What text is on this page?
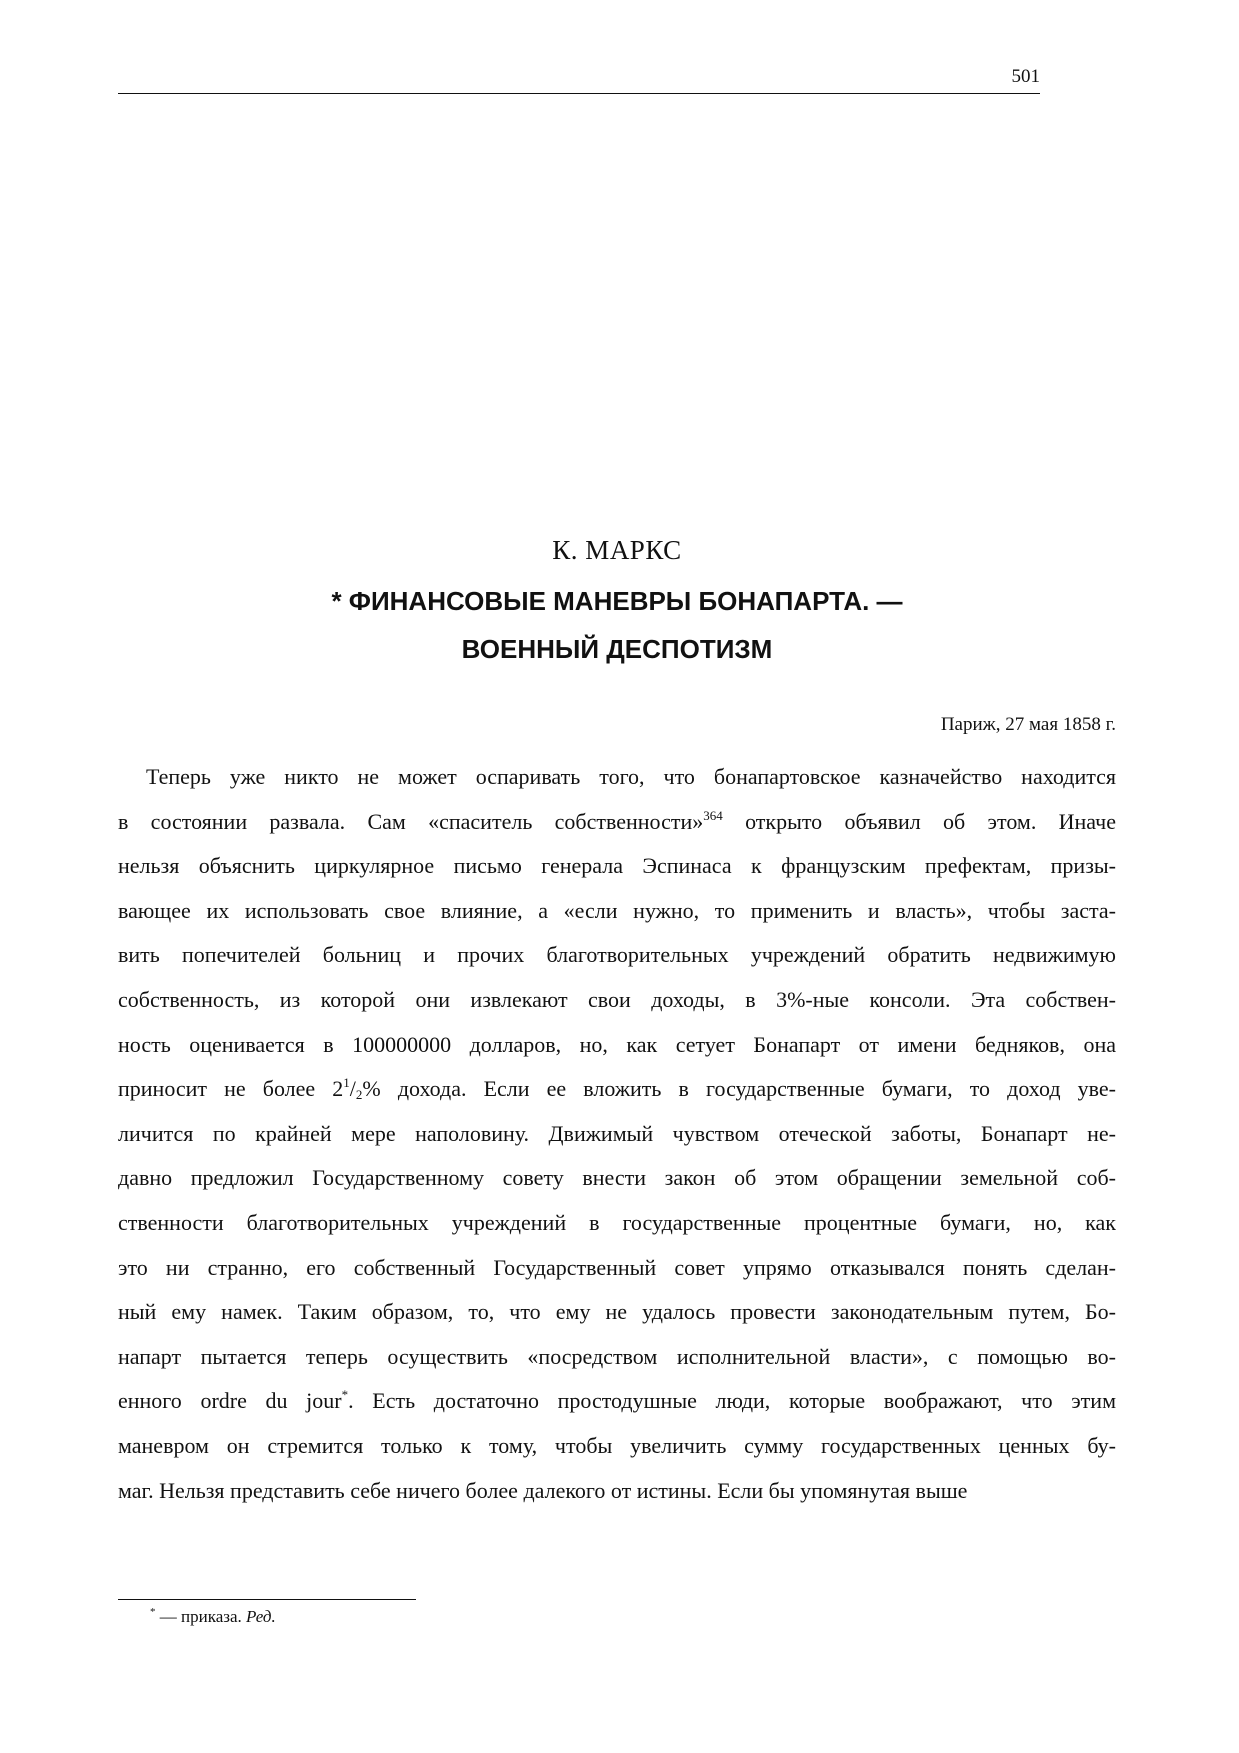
501
К. МАРКС
* ФИНАНСОВЫЕ МАНЕВРЫ БОНАПАРТА. —
ВОЕННЫЙ ДЕСПОТИЗМ
Париж, 27 мая 1858 г.
Теперь уже никто не может оспаривать того, что бонапартовское казначейство находится
в состоянии развала. Сам «спаситель собственности»$^{364}$ открыто объявил об этом. Иначе
нельзя объяснить циркулярное письмо генерала Эспинаса к французским префектам, призы-
вающее их использовать свое влияние, а «если нужно, то применить и власть», чтобы заста-
вить попечителей больниц и прочих благотворительных учреждений обратить недвижимую
собственность, из которой они извлекают свои доходы, в 3%-ные консоли. Эта собствен-
ность оценивается в 100000000 долларов, но, как сетует Бонапарт от имени бедняков, она
приносит не более $2^1/_2\%$ дохода. Если ее вложить в государственные бумаги, то доход уве-
личится по крайней мере наполовину. Движимый чувством отеческой заботы, Бонапарт не-
давно предложил Государственному совету внести закон об этом обращении земельной соб-
ственности благотворительных учреждений в государственные процентные бумаги, но, как
это ни странно, его собственный Государственный совет упрямо отказывался понять сделан-
ный ему намек. Таким образом, то, что ему не удалось провести законодательным путем, Бо-
напарт пытается теперь осуществить «посредством исполнительной власти», с помощью во-
енного ordre du jour*. Есть достаточно простодушные люди, которые воображают, что этим
маневром он стремится только к тому, чтобы увеличить сумму государственных ценных бу-
маг. Нельзя представить себе ничего более далекого от истины. Если бы упомянутая выше
* — приказа. Ред.
